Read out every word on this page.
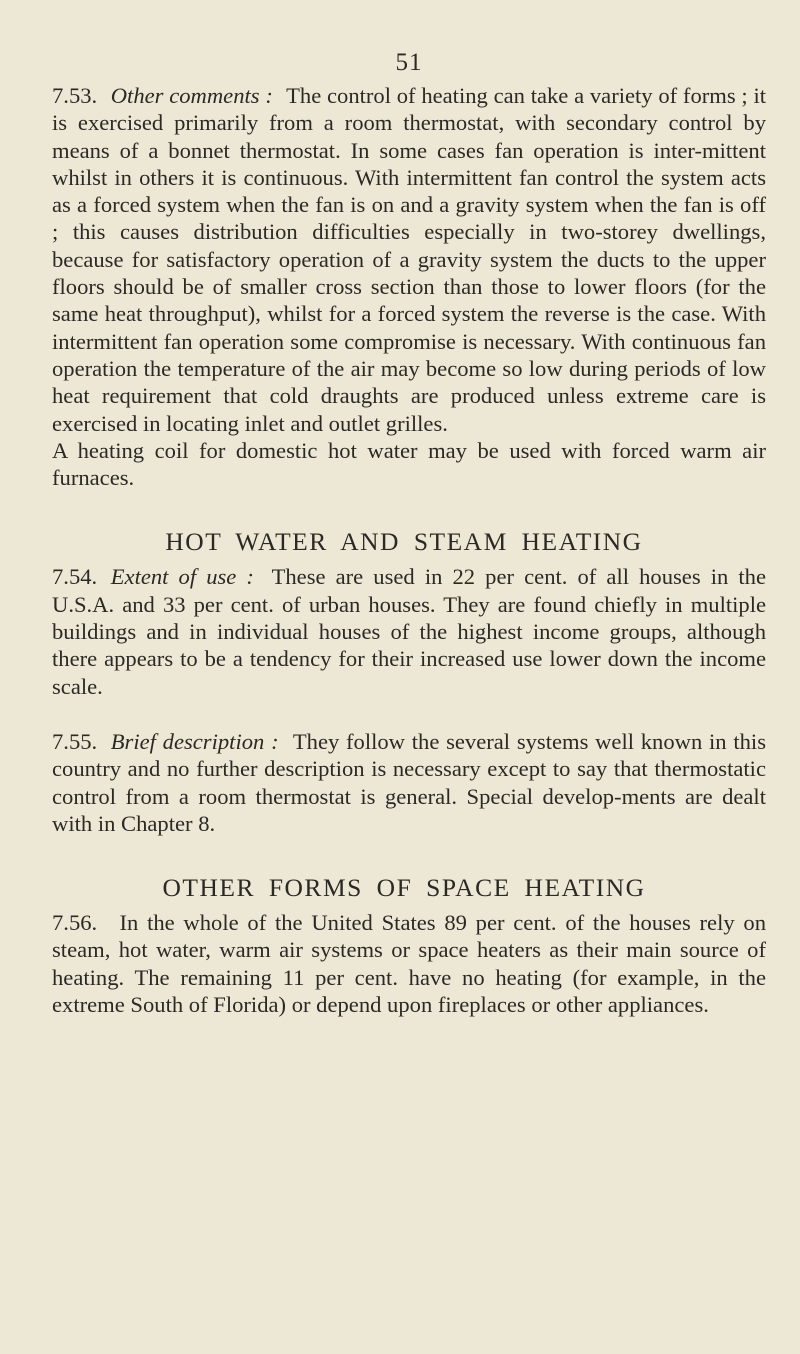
51

7.53. Other comments : The control of heating can take a variety of forms ; it is exercised primarily from a room thermostat, with secondary control by means of a bonnet thermostat. In some cases fan operation is inter-mittent whilst in others it is continuous. With intermittent fan control the system acts as a forced system when the fan is on and a gravity system when the fan is off ; this causes distribution difficulties especially in two-storey dwellings, because for satisfactory operation of a gravity system the ducts to the upper floors should be of smaller cross section than those to lower floors (for the same heat throughput), whilst for a forced system the reverse is the case. With intermittent fan operation some compromise is necessary. With continuous fan operation the temperature of the air may become so low during periods of low heat requirement that cold draughts are produced unless extreme care is exercised in locating inlet and outlet grilles.

A heating coil for domestic hot water may be used with forced warm air furnaces.

HOT WATER AND STEAM HEATING

7.54. Extent of use : These are used in 22 per cent. of all houses in the U.S.A. and 33 per cent. of urban houses. They are found chiefly in multiple buildings and in individual houses of the highest income groups, although there appears to be a tendency for their increased use lower down the income scale.

7.55. Brief description : They follow the several systems well known in this country and no further description is necessary except to say that thermostatic control from a room thermostat is general. Special develop-ments are dealt with in Chapter 8.

OTHER FORMS OF SPACE HEATING

7.56. In the whole of the United States 89 per cent. of the houses rely on steam, hot water, warm air systems or space heaters as their main source of heating. The remaining 11 per cent. have no heating (for example, in the extreme South of Florida) or depend upon fireplaces or other appliances.
